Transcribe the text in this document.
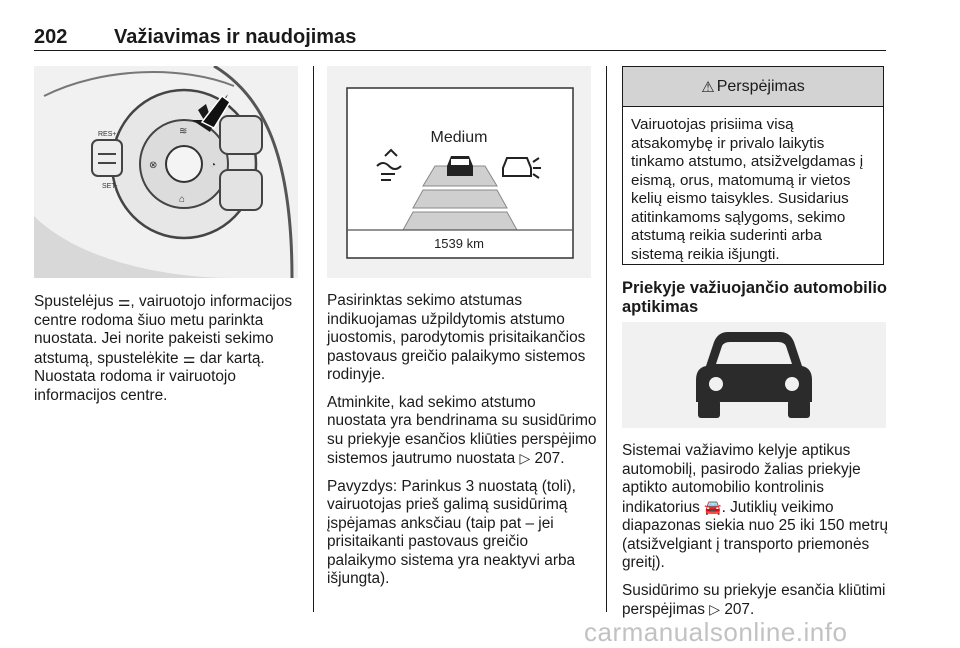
202 Važiavimas ir naudojimas
RES+
SET-
⊗	◔
⌂
≋

Spustelėjus ⚌, vairuotojo informacijos centre rodoma šiuo metu parinkta nuostata. Jei norite pakeisti sekimo atstumą, spustelėkite ⚌ dar kartą. Nuostata rodoma ir vairuotojo informacijos centre.

Medium
1539 km

Pasirinktas sekimo atstumas indikuojamas užpildytomis atstumo juostomis, parodytomis prisitaikančios pastovaus greičio palaikymo sistemos rodinyje.

Atminkite, kad sekimo atstumo nuostata yra bendrinama su susidūrimo su priekyje esančios kliūties perspėjimo sistemos jautrumo nuostata ▷ 207.

Pavyzdys: Parinkus 3 nuostatą (toli), vairuotojas prieš galimą susidūrimą įspėjamas anksčiau (taip pat – jei prisitaikanti pastovaus greičio palaikymo sistema yra neaktyvi arba išjungta).

⚠ Perspėjimas
Vairuotojas prisiima visą atsakomybę ir privalo laikytis tinkamo atstumo, atsižvelgdamas į eismą, orus, matomumą ir vietos kelių eismo taisykles. Susidarius atitinkamoms sąlygoms, sekimo atstumą reikia suderinti arba sistemą reikia išjungti.
Priekyje važiuojančio automobilio aptikimas

Sistemai važiavimo kelyje aptikus automobilį, pasirodo žalias priekyje aptikto automobilio kontrolinis indikatorius 🚘. Jutiklių veikimo diapazonas siekia nuo 25 iki 150 metrų (atsižvelgiant į transporto priemonės greitį).

Susidūrimo su priekyje esančia kliūtimi perspėjimas ▷ 207.

carmanualsonline.info
